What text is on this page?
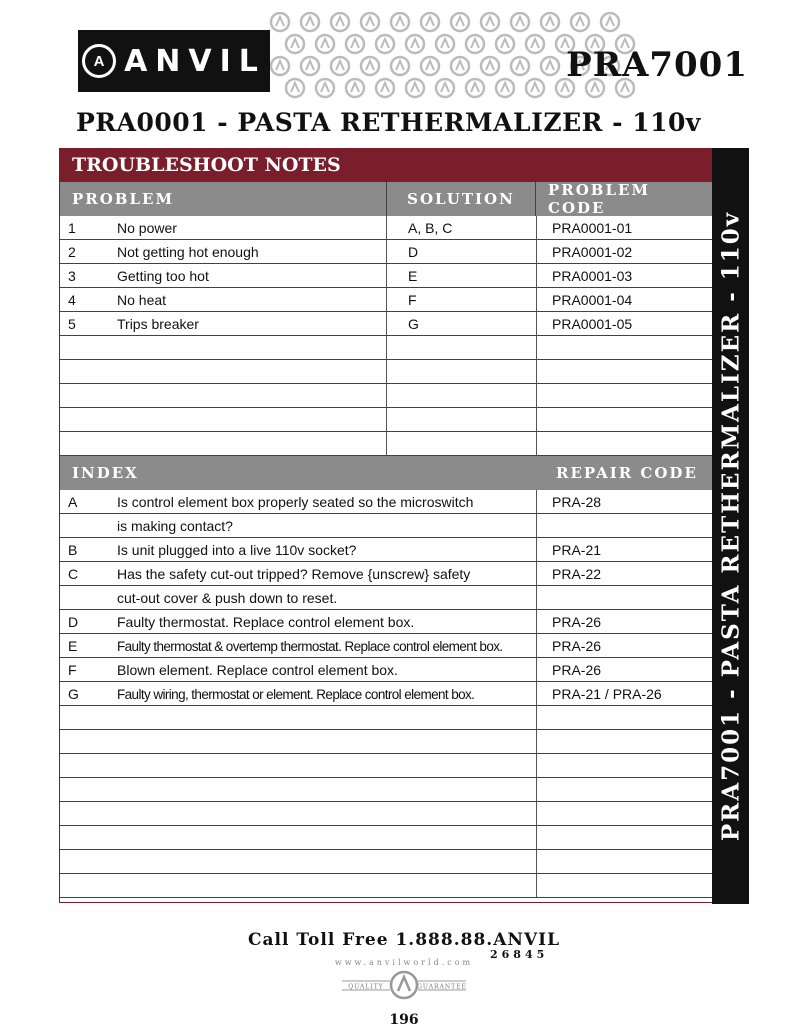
A ANVIL	PRA7001
PRA0001 - PASTA RETHERMALIZER - 110v
PRA7001 - PASTA RETHERMALIZER - 110v
TROUBLESHOOT NOTES
PROBLEM	SOLUTION	PROBLEM CODE
1	No power	A, B, C	PRA0001-01
2	Not getting hot enough	D	PRA0001-02
3	Getting too hot	E	PRA0001-03
4	No heat	F	PRA0001-04
5	Trips breaker	G	PRA0001-05
INDEX	REPAIR CODE
A	Is control element box properly seated so the microswitch	PRA-28
is making contact?
B	Is unit plugged into a live 110v socket?	PRA-21
C	Has the safety cut-out tripped? Remove {unscrew} safety	PRA-22
cut-out cover & push down to reset.
D	Faulty thermostat. Replace control element box.	PRA-26
E	Faulty thermostat & overtemp thermostat. Replace control element box.	PRA-26
F	Blown element. Replace control element box.	PRA-26
G	Faulty wiring, thermostat or element. Replace control element box.	PRA-21 / PRA-26
Call Toll Free 1.888.88.ANVIL
26845
www.anvilworld.com
QUALITY	GUARANTEE
196
